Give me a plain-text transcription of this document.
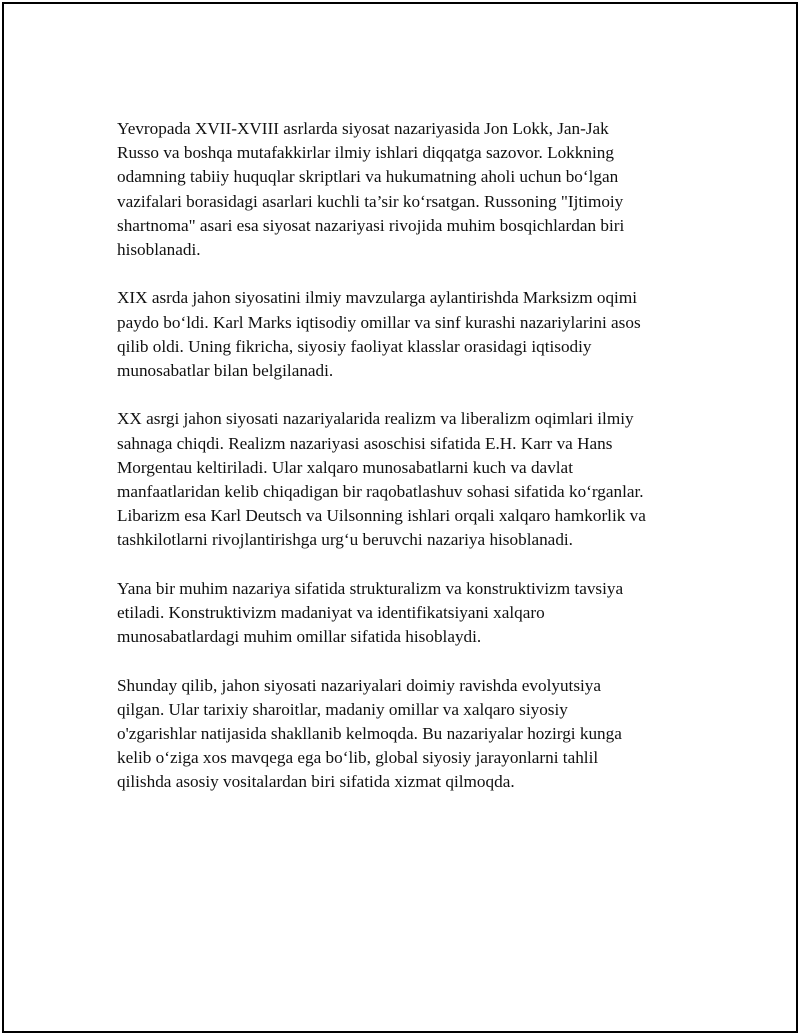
Yevropada XVII-XVIII asrlarda siyosat nazariyasida Jon Lokk, Jan-Jak
Russo va boshqa mutafakkirlar ilmiy ishlari diqqatga sazovor. Lokkning
odamning tabiiy huquqlar skriptlari va hukumatning aholi uchun bo‘lgan
vazifalari borasidagi asarlari kuchli ta’sir ko‘rsatgan. Russoning "Ijtimoiy
shartnoma" asari esa siyosat nazariyasi rivojida muhim bosqichlardan biri
hisoblanadi.

XIX asrda jahon siyosatini ilmiy mavzularga aylantirishda Marksizm oqimi
paydo bo‘ldi. Karl Marks iqtisodiy omillar va sinf kurashi nazariylarini asos
qilib oldi. Uning fikricha, siyosiy faoliyat klasslar orasidagi iqtisodiy
munosabatlar bilan belgilanadi.

XX asrgi jahon siyosati nazariyalarida realizm va liberalizm oqimlari ilmiy
sahnaga chiqdi. Realizm nazariyasi asoschisi sifatida E.H. Karr va Hans
Morgentau keltiriladi. Ular xalqaro munosabatlarni kuch va davlat
manfaatlaridan kelib chiqadigan bir raqobatlashuv sohasi sifatida ko‘rganlar.
Libarizm esa Karl Deutsch va Uilsonning ishlari orqali xalqaro hamkorlik va
tashkilotlarni rivojlantirishga urg‘u beruvchi nazariya hisoblanadi.

Yana bir muhim nazariya sifatida strukturalizm va konstruktivizm tavsiya
etiladi. Konstruktivizm madaniyat va identifikatsiyani xalqaro
munosabatlardagi muhim omillar sifatida hisoblaydi.

Shunday qilib, jahon siyosati nazariyalari doimiy ravishda evolyutsiya
qilgan. Ular tarixiy sharoitlar, madaniy omillar va xalqaro siyosiy
o'zgarishlar natijasida shakllanib kelmoqda. Bu nazariyalar hozirgi kunga
kelib o‘ziga xos mavqega ega bo‘lib, global siyosiy jarayonlarni tahlil
qilishda asosiy vositalardan biri sifatida xizmat qilmoqda.
